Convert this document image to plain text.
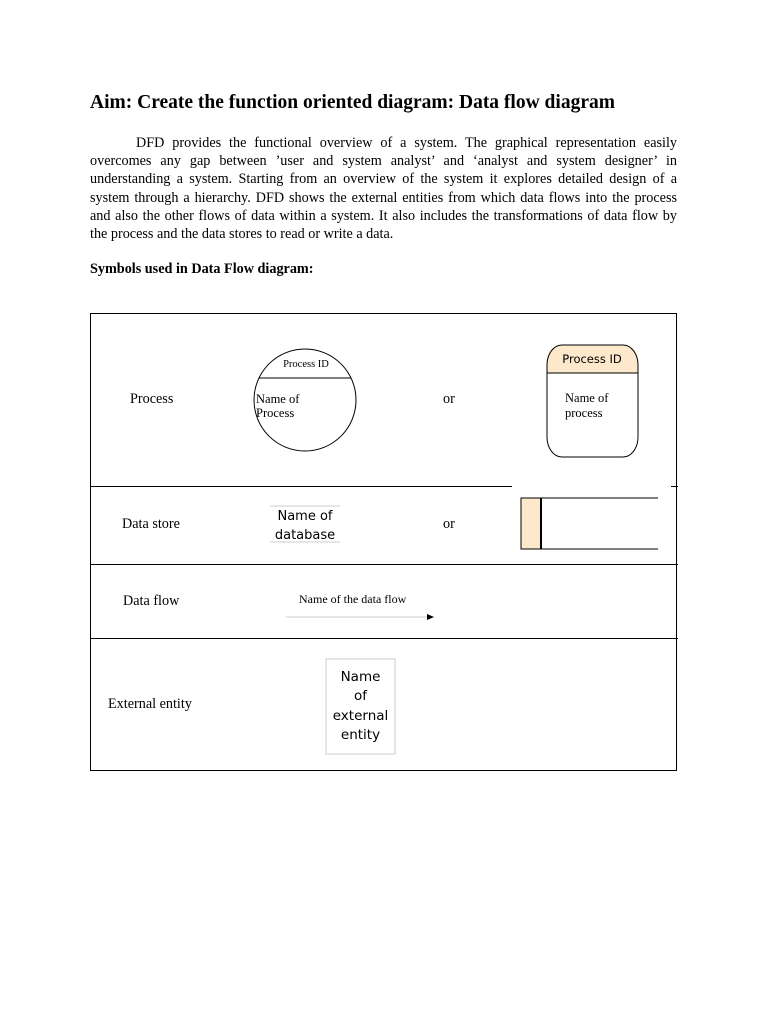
Aim: Create the function oriented diagram: Data flow diagram

DFD provides the functional overview of a system. The graphical representation easily overcomes any gap between ’user and system analyst’ and ‘analyst and system designer’ in understanding a system. Starting from an overview of the system it explores detailed design of a system through a hierarchy. DFD shows the external entities from which data flows into the process and also the other flows of data within a system. It also includes the transformations of data flow by the process and the data stores to read or write a data.

Symbols used in Data Flow diagram:

Process
Process ID
Name of
Process
or
Process ID
Name of
process
Data store	Name of
database
or
Data flow	Name of the data flow
External entity
Name
of
external
entity
